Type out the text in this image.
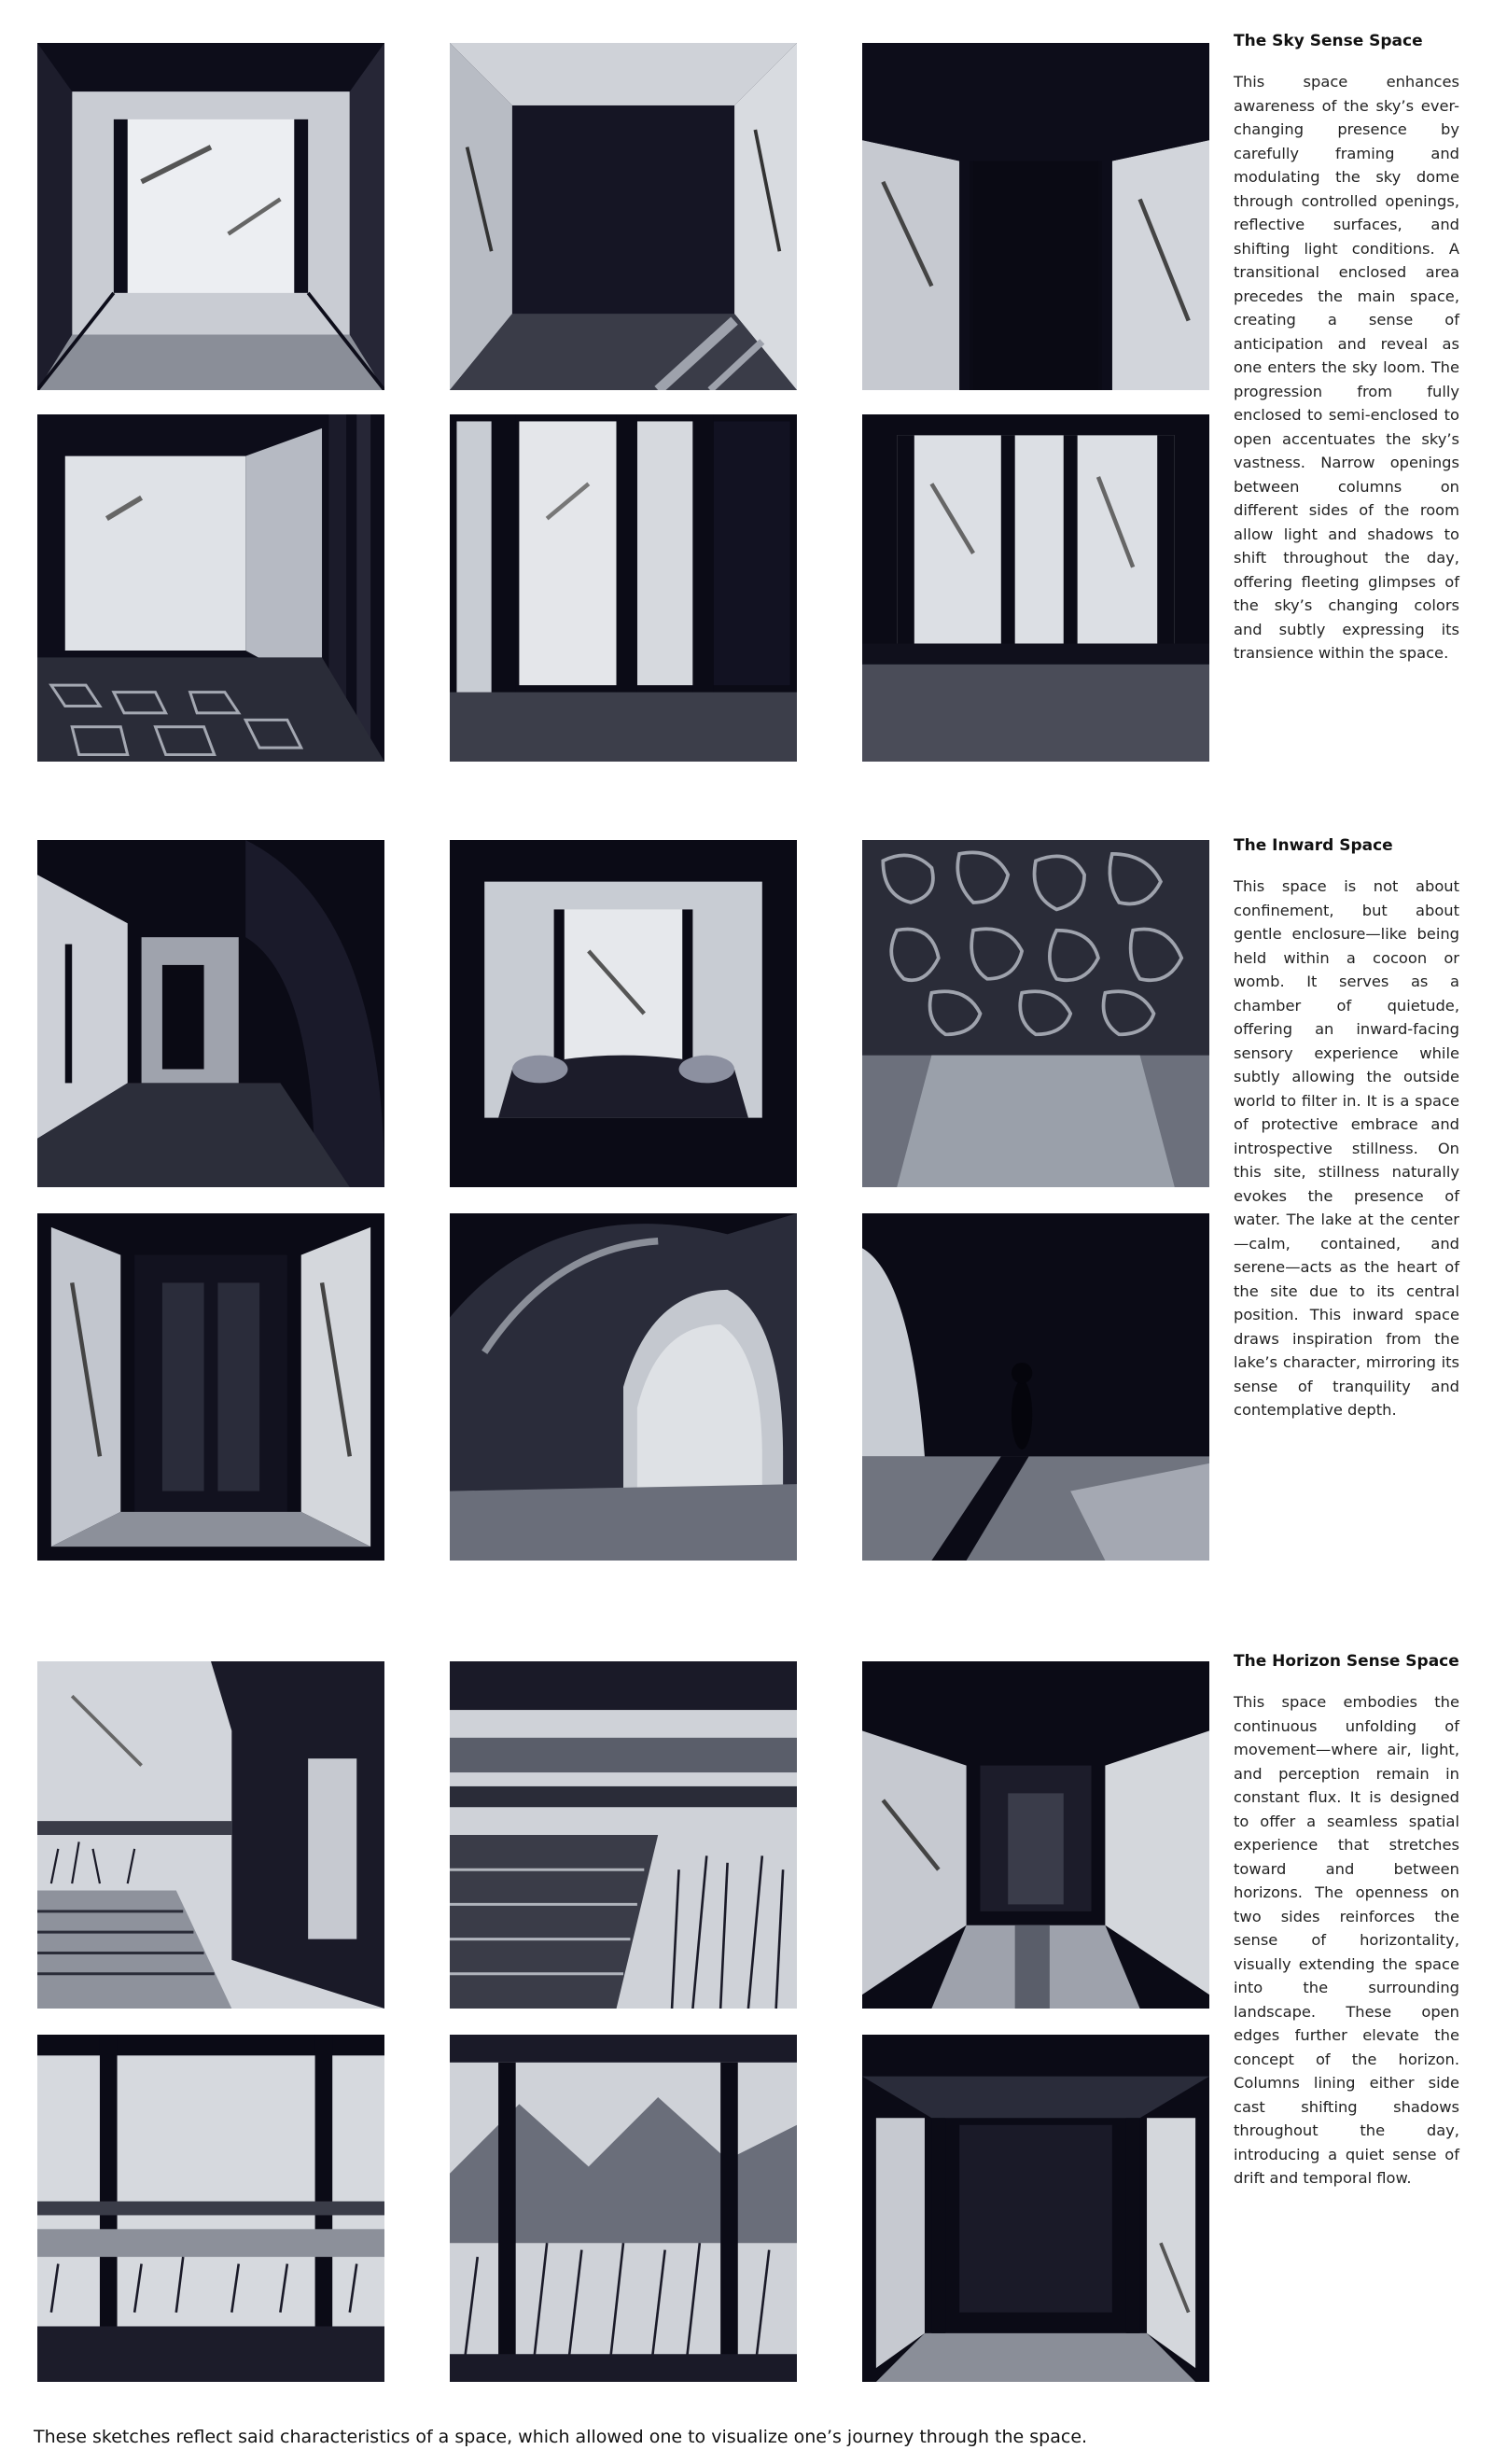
The Sky Sense Space

This space enhances awareness of the sky’s ever-changing presence by carefully framing and modulating the sky dome through controlled openings, reflective surfaces, and shifting light conditions. A transitional enclosed area precedes the main space, creating a sense of anticipation and reveal as one enters the sky loom. The progression from fully enclosed to semi-enclosed to open accentuates the sky’s vastness. Narrow openings between columns on different sides of the room allow light and shadows to shift throughout the day, offering fleeting glimpses of the sky’s changing colors and subtly expressing its transience within the space.

The Inward Space

This space is not about confinement, but about gentle enclosure—like being held within a cocoon or womb. It serves as a chamber of quietude, offering an inward-facing sensory experience while subtly allowing the outside world to filter in. It is a space of protective embrace and introspective stillness. On this site, stillness naturally evokes the presence of water. The lake at the center—calm, contained, and serene—acts as the heart of the site due to its central position. This inward space draws inspiration from the lake’s character, mirroring its sense of tranquility and contemplative depth.

The Horizon Sense Space

This space embodies the continuous unfolding of movement—where air, light, and perception remain in constant flux. It is designed to offer a seamless spatial experience that stretches toward and between horizons. The openness on two sides reinforces the sense of horizontality, visually extending the space into the surrounding landscape. These open edges further elevate the concept of the horizon. Columns lining either side cast shifting shadows throughout the day, introducing a quiet sense of drift and temporal flow.

These sketches reflect said characteristics of a space, which allowed one to visualize one’s journey through the space.
